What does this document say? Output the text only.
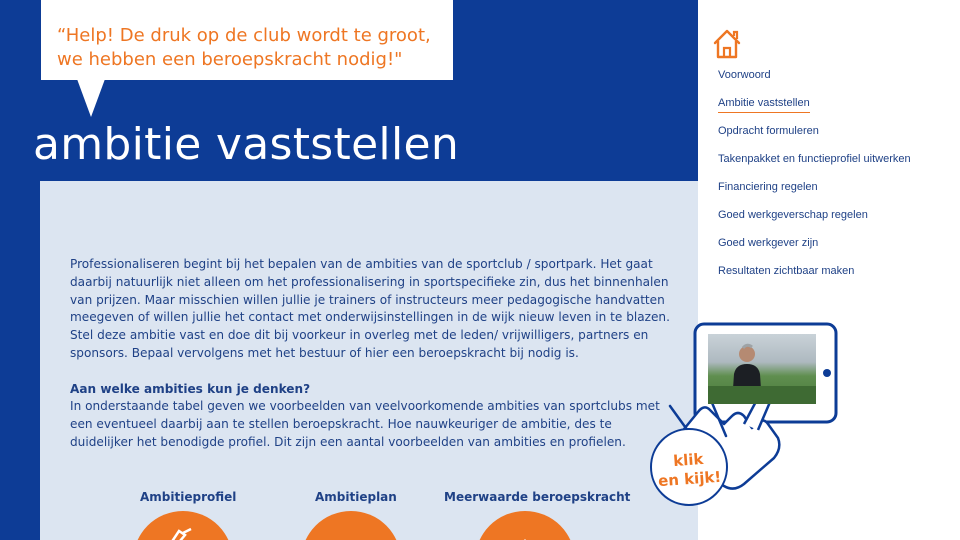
“Help! De druk op de club wordt te groot,
we hebben een beroepskracht nodig!"
ambitie vaststellen

Professionaliseren begint bij het bepalen van de ambities van de sportclub / sportpark. Het gaat daarbij natuurlijk niet alleen om het professionalisering in sportspecifieke zin, dus het binnenhalen van prijzen. Maar misschien willen jullie je trainers of instructeurs meer pedagogische handvatten meegeven of willen jullie het contact met onderwijsinstellingen in de wijk nieuw leven in te blazen. Stel deze ambitie vast en doe dit bij voorkeur in overleg met de leden/ vrijwilligers, partners en sponsors. Bepaal vervolgens met het bestuur of hier een beroepskracht bij nodig is.

Aan welke ambities kun je denken?

In onderstaande tabel geven we voorbeelden van veelvoorkomende ambities van sportclubs met een eventueel daarbij aan te stellen beroepskracht. Hoe nauwkeuriger de ambitie, des te duidelijker het benodigde profiel. Dit zijn een aantal voorbeelden van ambities en profielen.

Ambitieprofiel	Ambitieplan	Meerwaarde beroepskracht
Voorwoord
Ambitie vaststellen
Opdracht formuleren
Takenpakket en functieprofiel uitwerken
Financiering regelen
Goed werkgeverschap regelen
Goed werkgever zijn
Resultaten zichtbaar maken
klik
en kijk!
